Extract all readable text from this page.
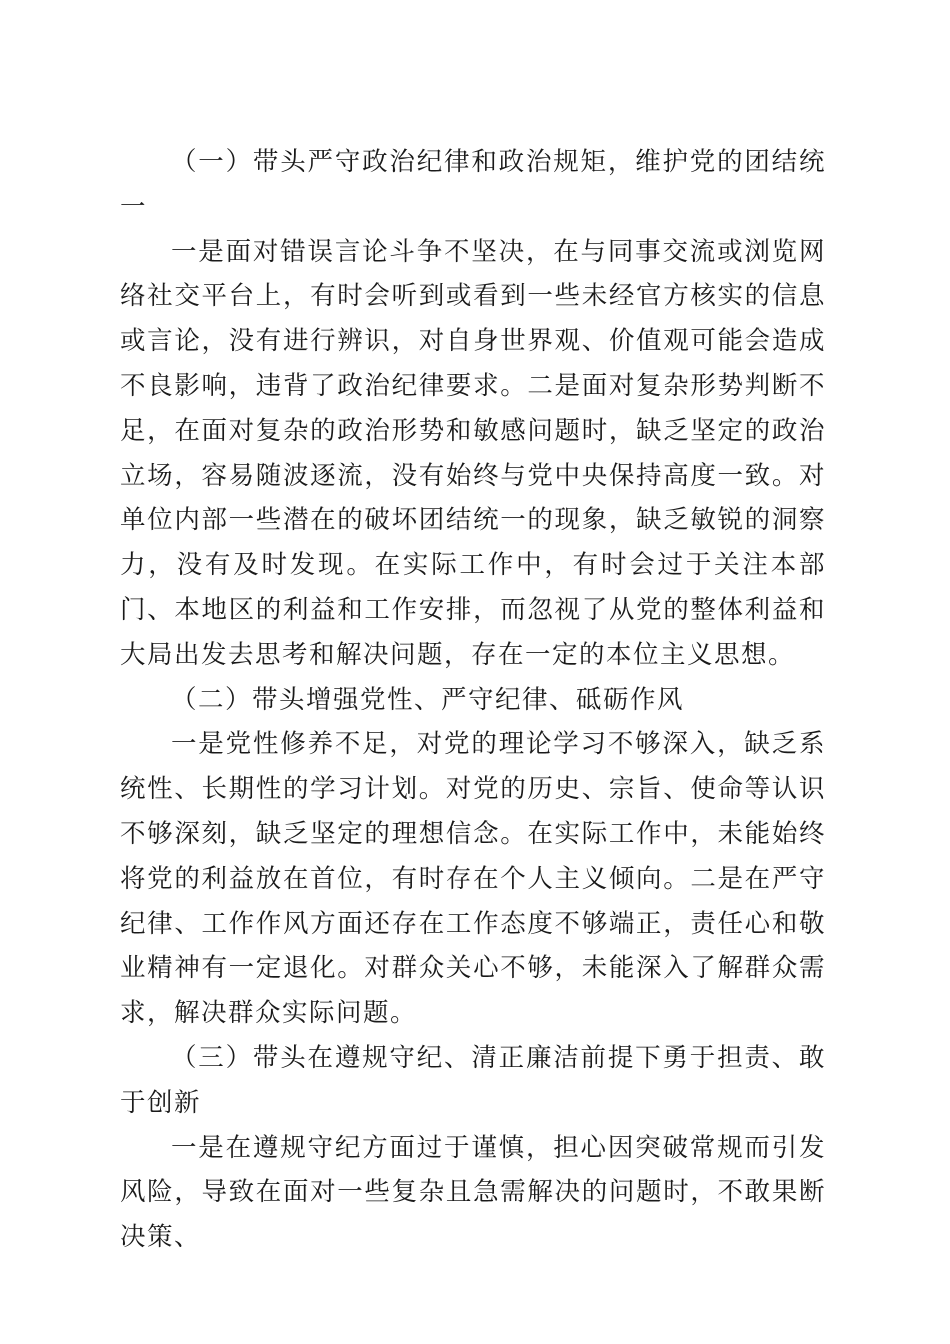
（一）带头严守政治纪律和政治规矩，维护党的团结统一

一是面对错误言论斗争不坚决，在与同事交流或浏览网络社交平台上，有时会听到或看到一些未经官方核实的信息或言论，没有进行辨识，对自身世界观、价值观可能会造成不良影响，违背了政治纪律要求。二是面对复杂形势判断不足，在面对复杂的政治形势和敏感问题时，缺乏坚定的政治立场，容易随波逐流，没有始终与党中央保持高度一致。对单位内部一些潜在的破坏团结统一的现象，缺乏敏锐的洞察力，没有及时发现。在实际工作中，有时会过于关注本部门、本地区的利益和工作安排，而忽视了从党的整体利益和大局出发去思考和解决问题，存在一定的本位主义思想。

（二）带头增强党性、严守纪律、砥砺作风

一是党性修养不足，对党的理论学习不够深入，缺乏系统性、长期性的学习计划。对党的历史、宗旨、使命等认识不够深刻，缺乏坚定的理想信念。在实际工作中，未能始终将党的利益放在首位，有时存在个人主义倾向。二是在严守纪律、工作作风方面还存在工作态度不够端正，责任心和敬业精神有一定退化。对群众关心不够，未能深入了解群众需求，解决群众实际问题。

（三）带头在遵规守纪、清正廉洁前提下勇于担责、敢于创新

一是在遵规守纪方面过于谨慎，担心因突破常规而引发风险，导致在面对一些复杂且急需解决的问题时，不敢果断决策、
